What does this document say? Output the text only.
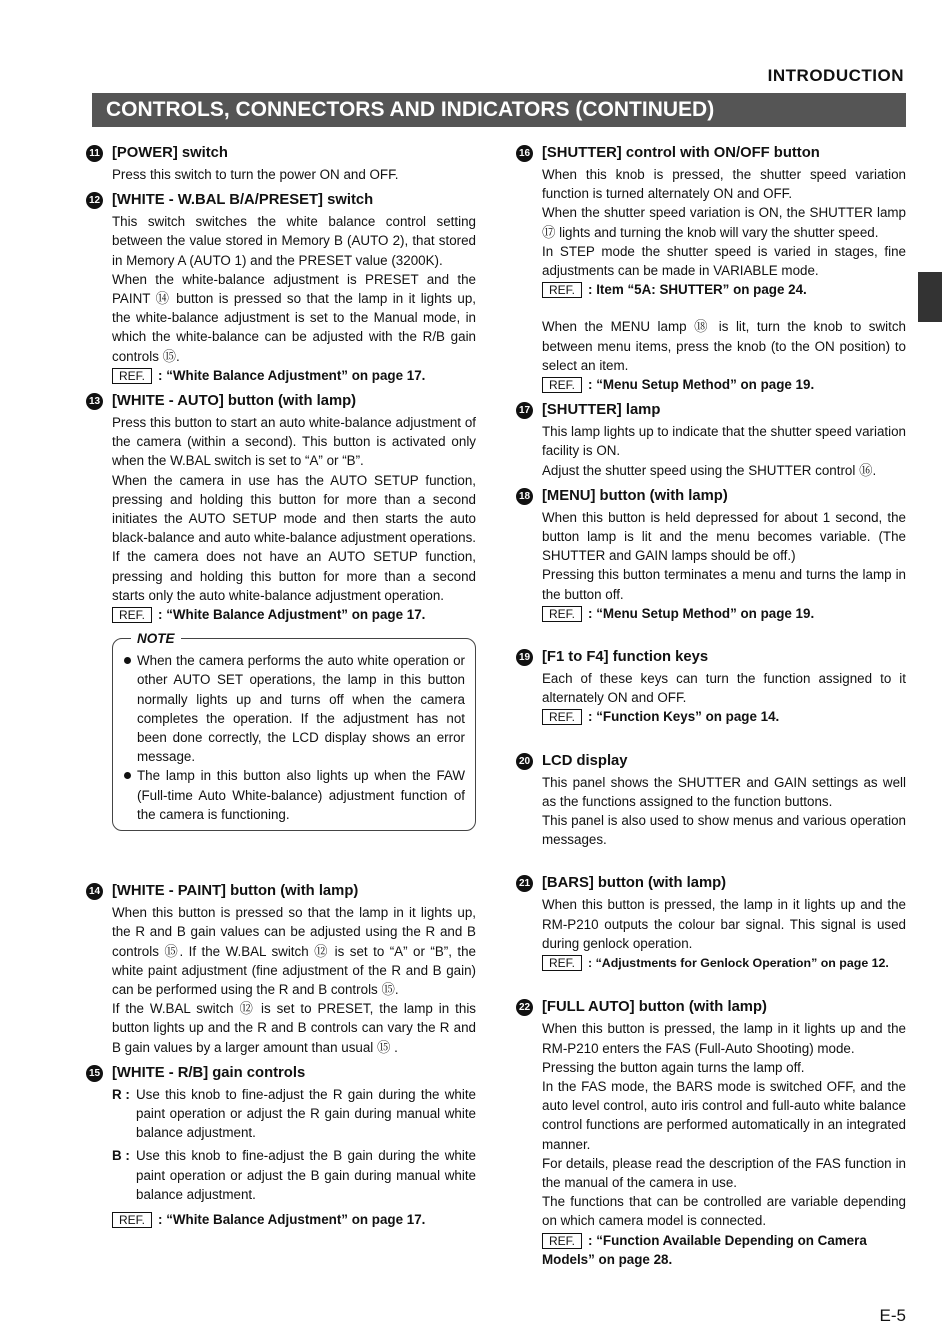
INTRODUCTION
CONTROLS, CONNECTORS AND INDICATORS (CONTINUED)
11 [POWER] switch
Press this switch to turn the power ON and OFF.
12 [WHITE - W.BAL B/A/PRESET] switch
This switch switches the white balance control setting between the value stored in Memory B (AUTO 2), that stored in Memory A (AUTO 1) and the PRESET value (3200K).
When the white-balance adjustment is PRESET and the PAINT ⑭ button is pressed so that the lamp in it lights up, the white-balance adjustment is set to the Manual mode, in which the white-balance can be adjusted with the R/B gain controls ⑮.
REF. : “White Balance Adjustment” on page 17.
13 [WHITE - AUTO] button (with lamp)
Press this button to start an auto white-balance adjustment of the camera (within a second). This button is activated only when the W.BAL switch is set to “A” or “B”.
When the camera in use has the AUTO SETUP function, pressing and holding this button for more than a second initiates the AUTO SETUP mode and then starts the auto black-balance and auto white-balance adjustment operations. If the camera does not have an AUTO SETUP function, pressing and holding this button for more than a second starts only the auto white-balance adjustment operation.
REF. : “White Balance Adjustment” on page 17.
NOTE
When the camera performs the auto white operation or other AUTO SET operations, the lamp in this button normally lights up and turns off when the camera completes the operation. If the adjustment has not been done correctly, the LCD display shows an error message.
The lamp in this button also lights up when the FAW (Full-time Auto White-balance) adjustment function of the camera is functioning.
14 [WHITE - PAINT] button (with lamp)
When this button is pressed so that the lamp in it lights up, the R and B gain values can be adjusted using the R and B controls ⑮. If the W.BAL switch ⑫ is set to “A” or “B”, the white paint adjustment (fine adjustment of the R and B gain) can be performed using the R and B controls ⑮.
If the W.BAL switch ⑫ is set to PRESET, the lamp in this button lights up and the R and B controls can vary the R and B gain values by a larger amount than usual ⑮ .
15 [WHITE - R/B] gain controls
R : Use this knob to fine-adjust the R gain during the white paint operation or adjust the R gain during manual white balance adjustment.
B : Use this knob to fine-adjust the B gain during the white paint operation or adjust the B gain during manual white balance adjustment.
REF. : “White Balance Adjustment” on page 17.
16 [SHUTTER] control with ON/OFF button
When this knob is pressed, the shutter speed variation function is turned alternately ON and OFF.
When the shutter speed variation is ON, the SHUTTER lamp ⑰ lights and turning the knob will vary the shutter speed.
In STEP mode the shutter speed is varied in stages, fine adjustments can be made in VARIABLE mode.
REF. : Item “5A: SHUTTER” on page 24.
When the MENU lamp ⑱ is lit, turn the knob to switch between menu items, press the knob (to the ON position) to select an item.
REF. : “Menu Setup Method” on page 19.
17 [SHUTTER] lamp
This lamp lights up to indicate that the shutter speed variation facility is ON.
Adjust the shutter speed using the SHUTTER control ⑯.
18 [MENU] button (with lamp)
When this button is held depressed for about 1 second, the button lamp is lit and the menu becomes variable. (The SHUTTER and GAIN lamps should be off.)
Pressing this button terminates a menu and turns the lamp in the button off.
REF. : “Menu Setup Method” on page 19.
19 [F1 to F4] function keys
Each of these keys can turn the function assigned to it alternately ON and OFF.
REF. : “Function Keys” on page 14.
20 LCD display
This panel shows the SHUTTER and GAIN settings as well as the functions assigned to the function buttons.
This panel is also used to show menus and various operation messages.
21 [BARS] button (with lamp)
When this button is pressed, the lamp in it lights up and the RM-P210 outputs the colour bar signal. This signal is used during genlock operation.
REF. : “Adjustments for Genlock Operation” on page 12.
22 [FULL AUTO] button (with lamp)
When this button is pressed, the lamp in it lights up and the RM-P210 enters the FAS (Full-Auto Shooting) mode.
Pressing the button again turns the lamp off.
In the FAS mode, the BARS mode is switched OFF, and the auto level control, auto iris control and full-auto white balance control functions are performed automatically in an integrated manner.
For details, please read the description of the FAS function in the manual of the camera in use.
The functions that can be controlled are variable depending on which camera model is connected.
REF. : “Function Available Depending on Camera Models” on page 28.
E-5
